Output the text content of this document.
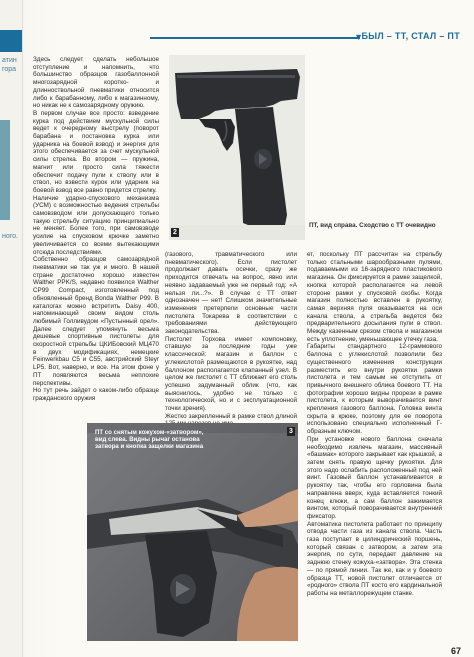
атин
гора
ного.
▼
БЫЛ – ТТ, СТАЛ – ПТ
Здесь следует сделать небольшое отступление и напомнить, что большинство образцов газобаллонной многозарядной коротко- и длинноствольной пневматики относится либо к барабанному, либо к магазинному, но никак не к самозарядному оружию.
В первом случае все просто: взведение курка под действием мускульной силы ведет к очередному выстрелу (поворот барабана и постановка курка или ударника на боевой взвод) и энергия для этого обеспечивается за счет мускульной силы стрелка. Во втором — пружина, магнит или просто сила тяжести обеспечит подачу пули к стволу или в ствол, но взвести курок или ударник на боевой взвод все равно придется стрелку.
Наличие ударно-спускового механизма (УСМ) с возможностью ведения стрельбы самовзводом или допускающего только такую стрельбу ситуацию принципиально не меняет. Более того, при самовзводе усилие на спусковом крючке заметно увеличивается со всеми вытекающими отсюда последствиями.
Собственно образцов самозарядной пневматики не так уж и много. В нашей стране достаточно хорошо известен Walther PPK/S, недавно появился Walther CP99 Compact, изготовленный под обновленный бренд Bonda Walther P99. В каталогах можно встретить Daisy 400, напоминающий своим видом столь любимый Голливудом «Пустынный орел». Далее следует упомянуть весьма дешевые спортивные пистолеты для скоростной стрельбы ЦКИБовский МЦ470 в двух модификациях, немецкие Feinwerkbau C5 и C55, австрийский Steyr LP5. Вот, наверно, и все. На этом фоне у ПТ появляются весьма неплохие перспективы.
Но тут речь зайдет о каком-либо образце гражданского оружия
2
ПТ, вид справа. Сходство с ТТ очевидно
(газового, травматического или пневматического). Если пистолет продолжает давать осечки, сразу же приходится отвечать на вопрос, явно или неявно задаваемый уже не первый год: «А нельзя ли...?». В случае с ТТ ответ однозначен — нет! Слишком значительные изменения претерпели основные части пистолета Токарева в соответствии с требованиями действующего законодательства.
Пистолет Торхова имеет компоновку, ставшую за последние годы уже классической: магазин и баллон с углекислотой размещаются в рукоятке, над баллоном располагается клапанный узел. В целом же пистолет с ТТ сближает его столь успешно задуманный облик (что, как выяснилось, удобно не только с технологической, но и с эксплуатационной точки зрения).
Жестко закрепленный в рамке ствол длиной
ет, поскольку ПТ рассчитан на стрельбу только стальными шарообразными пулями, подаваемыми из 16-зарядного пластикового магазина. Он фиксируется в рамке защелкой, кнопка которой располагается на левой стороне рамки у спусковой скобы. Когда магазин полностью вставлен в рукоятку, самая верхняя пуля оказывается на оси канала ствола, а стрельба ведется без предварительного досылания пули в ствол. Между казенным срезом ствола и магазином есть уплотнение, уменьшающее утечку газа.
Габариты стандартного 12-граммового баллона с углекислотой позволили без существенного изменения конструкции разместить его внутри рукоятки рамки пистолета и тем самым не отступить от привычного внешнего облика боевого ТТ. На фотографии хорошо видны прорези в рамке пистолета, к которым выворачивается винт крепления газового баллона. Головка винта скрыта в крюке, поэтому для ее поворота использовано специально исполненный Г-образным ключом.
При установке нового баллона сначала необходимо извлечь магазин, массивный «башмак» которого закрывает как крышкой, а затем снять правую щечку рукоятки. Для этого надо ослабить расположенный под ней винт. Газовый баллон устанавливается в рукоятку так, чтобы его горловина была направлена вверх, куда вставляется тонкий конец клюки, а сам баллон зажимается винтом, который поворачивается внутренний фиксатор.
Автоматика пистолета работает по принципу отвода части газа из канала ствола. Часть газа поступает в цилиндрический поршень, который связан с затвором, а затем эта энергия, по сути, передает давление на заднюю стенку кожуха-«затвора». Эта стенка — по прямой линии. Так же, как и у боевого образца ТТ, новой пистолет отличается от «родного» ствола ПТ косто его кардинальной работы на металлорежущем станке.
3
ПТ со снятым кожухом-«затвором», вид слева. Видны рычаг останова затвора и кнопка защелки магазина
67
